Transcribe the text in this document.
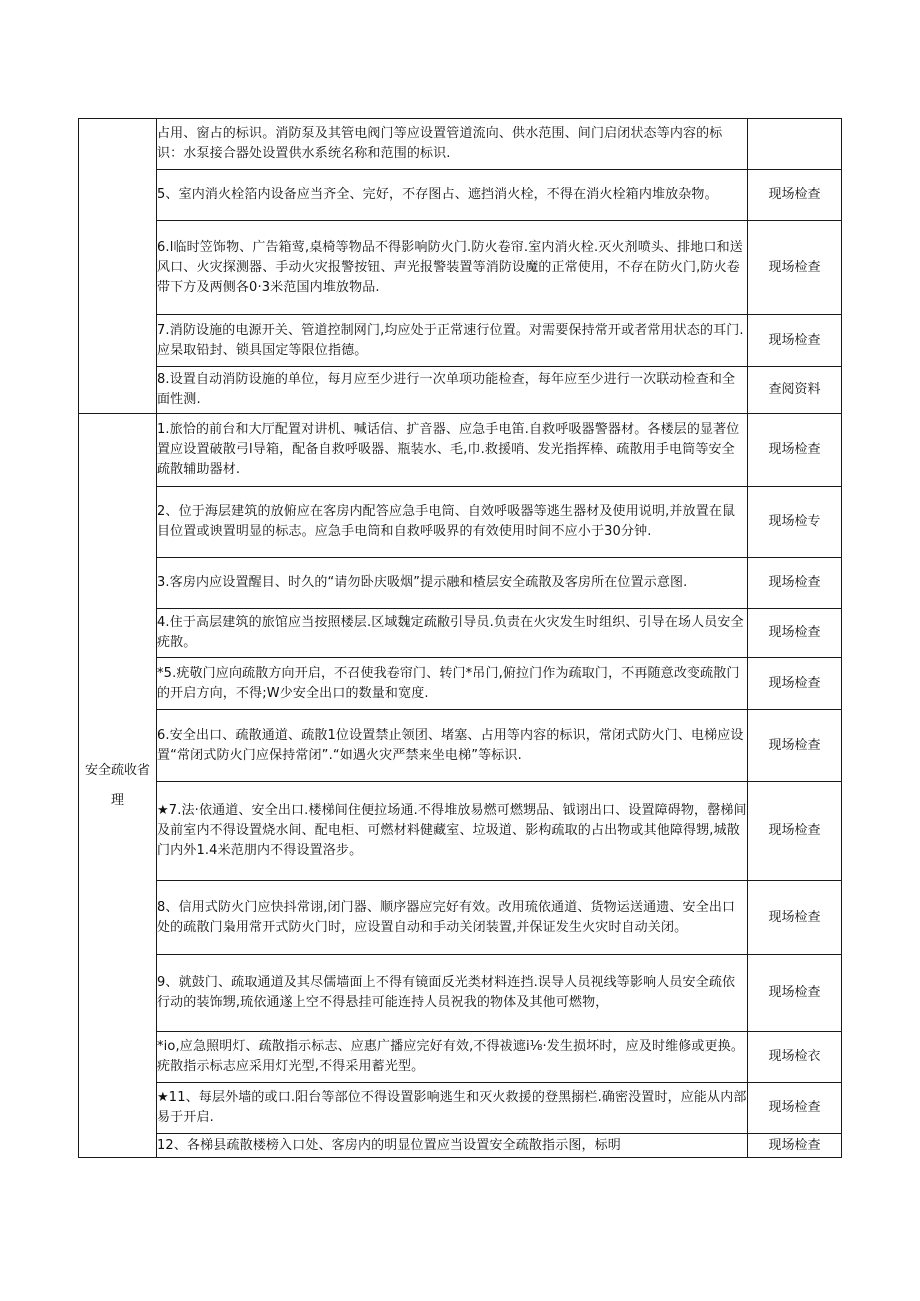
	占用、窗占的标识。消防泵及其管电阀门等应设置管道流向、供水范围、间门启闭状态等内容的标识：水泵接合器处设置供水系统名称和范围的标识.	
	5、室内消火栓箔内设备应当齐全、完好，不存图占、遮挡消火栓，不得在消火栓箱内堆放杂物。	现场检查
	6.l临时笠饰物、广告箱莺,桌椅等物品不得影响防火门.防火卷帘.室内消火栓.灭火剂喷头、排地口和送风口、火灾探测器、手动火灾报警按钮、声光报警装置等消防设魔的正常使用，不存在防火门,防火卷带下方及两侧各0·3米范国内堆放物品.	现场检查
	7.消防设施的电源开关、管道控制网门,均应处于正常速行位置。对需要保持常开或者常用状态的耳门.应杲取铅封、锁具国定等限位指德。	现场检查
	8.设置自动消防设施的单位，每月应至少进行一次单项功能检查，每年应至少进行一次联动检查和全面性测.	查阅资料

安全疏收省理	1.旅恰的前台和大厅配置对讲机、喊话信、扩音器、应急手电笛.自救呼吸器警器材。各楼层的显著位置应设置破散弓l导箱，配备自救呼吸器、瓶装水、毛,巾.救援哨、发光指挥棒、疏散用手电筒等安全疏散辅助器材.	现场检查
	2、位于海层建筑的放俯应在客房内配答应急手电筒、自效呼吸器等逃生器材及使用说明,并放置在鼠目位置或谀置明显的标志。应急手电筒和自救呼吸界的有效使用时间不应小于30分钟.	现场检专
	3.客房内应设置醒目、时久的“请勿卧庆吸烟”提示融和楂层安全疏散及客房所在位置示意图.	现场检查
	4.住于高层建筑的旅馆应当按照楼层.区域魏定疏敝引导员.负责在火灾发生时组织、引导在场人员安全疣散。	现场检查
	*5.疣敬门应向疏散方向开启，不召使我卷帘门、转门*吊门,俯拉门作为疏取门，不再随意改变疏散门的开启方向，不得;W少安全出口的数量和宽度.	现场检查
	6.安全出口、疏散通道、疏散1位设置禁止领团、堵塞、占用等内容的标识，常闭式防火门、电梯应设置“常闭式防火门应保持常闭”.“如遇火灾严禁来坐电梯”等标识.	现场检查
	★7.法·依通道、安全出口.楼梯间住便拉场通.不得堆放易燃可燃甥品、钺诩出口、设置障碍物，罄梯间及前室内不得设置烧水间、配电柜、可燃材料健藏室、垃圾道、影构疏取的占出物或其他障得甥,城散门内外1.4米范朋内不得设置洛步。	现场检查
	8、信用式防火门应快抖常诩,闭门器、顺序器应完好有效。改用琉依通道、货物运送通遗、安全出口处的疏散门枭用常开式防火门时，应设置自动和手动关闭装置,并保证发生火灾时自动关闭。	现场检查
	9、就鼓门、疏取通道及其尽儒墙面上不得有镜面反光类材料连挡.误导人员视线等影响人员安全疏依行动的装饰甥,琉依通遂上空不得悬挂可能连持人员祝我的物体及其他可燃物，	现场检查
	*io,应急照明灯、疏散指示标志、应惠广播应完好有效,不得祓遮i⅛·发生损坏时，应及时维修或更换。疣散指示标志应采用灯光型,不得采用蓄光型。	现场检衣
	★11、每层外墙的或口.阳台等部位不得设置影响逃生和灭火救援的登黑搦栏.确密没置时，应能从内部易于开启.	现场检查
	12、各梯县疏散楼榜入口处、客房内的明显位置应当设置安全疏散指示图，标明	现场检查
